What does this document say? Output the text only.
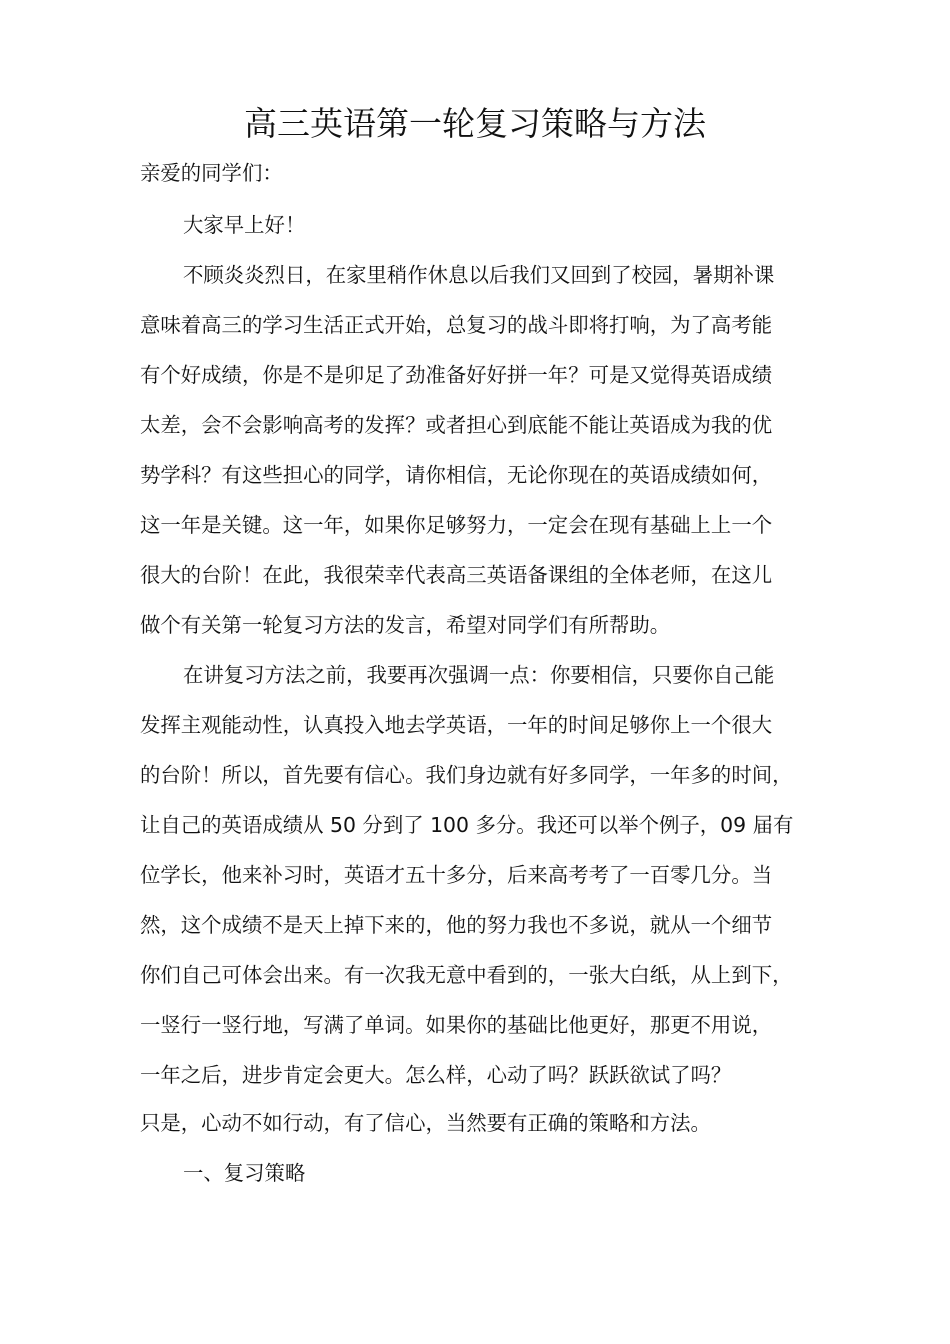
高三英语第一轮复习策略与方法
亲爱的同学们：
大家早上好！
不顾炎炎烈日，在家里稍作休息以后我们又回到了校园，暑期补课
意味着高三的学习生活正式开始，总复习的战斗即将打响，为了高考能
有个好成绩，你是不是卯足了劲准备好好拼一年？可是又觉得英语成绩
太差，会不会影响高考的发挥？或者担心到底能不能让英语成为我的优
势学科？有这些担心的同学，请你相信，无论你现在的英语成绩如何，
这一年是关键。这一年，如果你足够努力，一定会在现有基础上上一个
很大的台阶！在此，我很荣幸代表高三英语备课组的全体老师，在这儿
做个有关第一轮复习方法的发言，希望对同学们有所帮助。
在讲复习方法之前，我要再次强调一点：你要相信，只要你自己能
发挥主观能动性，认真投入地去学英语，一年的时间足够你上一个很大
的台阶！所以，首先要有信心。我们身边就有好多同学，一年多的时间，
让自己的英语成绩从 50 分到了 100 多分。我还可以举个例子，09 届有
位学长，他来补习时，英语才五十多分，后来高考考了一百零几分。当
然，这个成绩不是天上掉下来的，他的努力我也不多说，就从一个细节
你们自己可体会出来。有一次我无意中看到的，一张大白纸，从上到下，
一竖行一竖行地，写满了单词。如果你的基础比他更好，那更不用说，
一年之后，进步肯定会更大。怎么样，心动了吗？跃跃欲试了吗？
只是，心动不如行动，有了信心，当然要有正确的策略和方法。
一、复习策略
